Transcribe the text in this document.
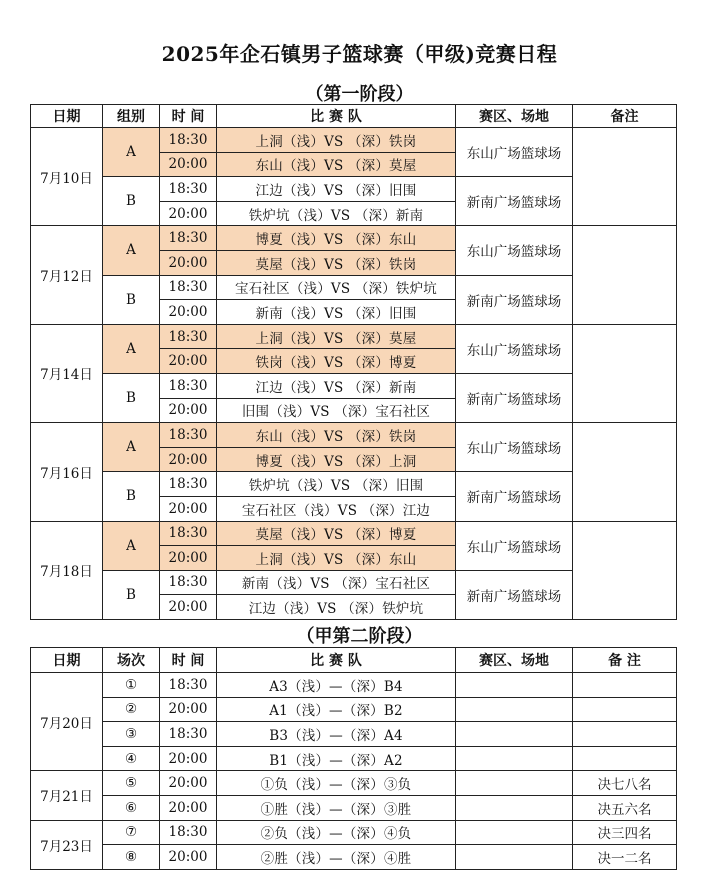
2025年企石镇男子篮球赛（甲级)竞赛日程
（第一阶段）
日期	组别	时 间	比 赛 队	赛区、场地	备注
7月10日	A	18:30	上洞（浅）VS （深）铁岗	东山广场篮球场	
		20:00	东山（浅）VS （深）莫屋		
	B	18:30	江边（浅）VS （深）旧围	新南广场篮球场	
		20:00	铁炉坑（浅）VS （深）新南		
7月12日	A	18:30	博夏（浅）VS （深）东山	东山广场篮球场	
		20:00	莫屋（浅）VS （深）铁岗		
	B	18:30	宝石社区（浅）VS （深）铁炉坑	新南广场篮球场	
		20:00	新南（浅）VS （深）旧围		
7月14日	A	18:30	上洞（浅）VS （深）莫屋	东山广场篮球场	
		20:00	铁岗（浅）VS （深）博夏		
	B	18:30	江边（浅）VS （深）新南	新南广场篮球场	
		20:00	旧围（浅）VS （深）宝石社区		
7月16日	A	18:30	东山（浅）VS （深）铁岗	东山广场篮球场	
		20:00	博夏（浅）VS （深）上洞		
	B	18:30	铁炉坑（浅）VS （深）旧围	新南广场篮球场	
		20:00	宝石社区（浅）VS （深）江边		
7月18日	A	18:30	莫屋（浅）VS （深）博夏	东山广场篮球场	
		20:00	上洞（浅）VS （深）东山		
	B	18:30	新南（浅）VS （深）宝石社区	新南广场篮球场	
		20:00	江边（浅）VS （深）铁炉坑		
（甲第二阶段）
日期	场次	时 间	比 赛 队	赛区、场地	备 注
7月20日	①	18:30	A3（浅）—（深）B4		
	②	20:00	A1（浅）—（深）B2		
	③	18:30	B3（浅）—（深）A4		
	④	20:00	B1（浅）—（深）A2		
7月21日	⑤	20:00	①负（浅）—（深）③负		决七八名
	⑥	20:00	①胜（浅）—（深）③胜		决五六名
7月23日	⑦	18:30	②负（浅）—（深）④负		决三四名
	⑧	20:00	②胜（浅）—（深）④胜		决一二名
